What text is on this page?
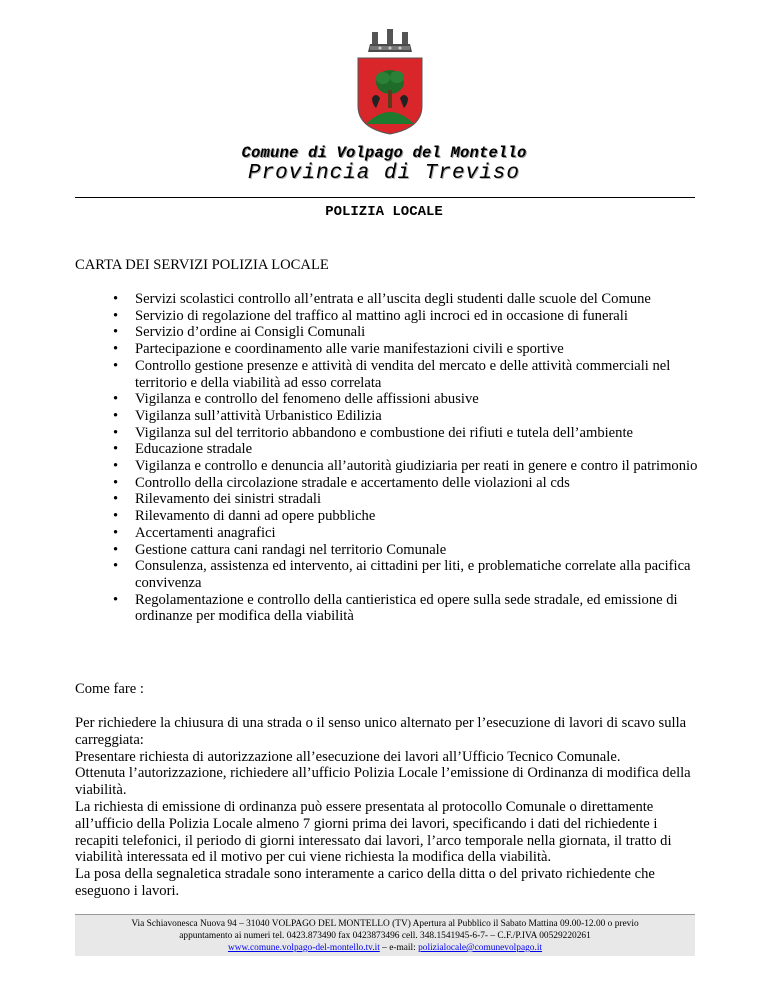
Comune di Volpago del Montello
Provincia di Treviso
POLIZIA LOCALE
CARTA DEI SERVIZI POLIZIA LOCALE
• Servizi scolastici controllo all’entrata e all’uscita degli studenti dalle scuole del Comune
• Servizio di regolazione del traffico al mattino agli incroci ed in occasione di funerali
• Servizio d’ordine ai Consigli Comunali
• Partecipazione e coordinamento alle varie manifestazioni civili e sportive
• Controllo gestione presenze e attività di vendita del mercato e delle attività commerciali nel territorio e della viabilità ad esso correlata
• Vigilanza e controllo del fenomeno delle affissioni abusive
• Vigilanza sull’attività Urbanistico Edilizia
• Vigilanza sul del territorio abbandono e combustione dei rifiuti e tutela dell’ambiente
• Educazione stradale
• Vigilanza e controllo e denuncia all’autorità giudiziaria per reati in genere e contro il patrimonio
• Controllo della circolazione stradale e accertamento delle violazioni al cds
• Rilevamento dei sinistri stradali
• Rilevamento di danni ad opere pubbliche
• Accertamenti anagrafici
• Gestione cattura cani randagi nel territorio Comunale
• Consulenza, assistenza ed intervento, ai cittadini per liti, e problematiche correlate alla pacifica convivenza
• Regolamentazione e controllo della cantieristica ed opere sulla sede stradale, ed emissione di ordinanze per modifica della viabilità
Come fare :

Per richiedere la chiusura di una strada o il senso unico alternato per l’esecuzione di lavori di scavo sulla carreggiata:

Presentare richiesta di autorizzazione all’esecuzione dei lavori all’Ufficio Tecnico Comunale.

Ottenuta l’autorizzazione, richiedere all’ufficio Polizia Locale l’emissione di Ordinanza di modifica della viabilità.

La richiesta di emissione di ordinanza può essere presentata al protocollo Comunale o direttamente all’ufficio della Polizia Locale almeno 7 giorni prima dei lavori, specificando i dati del richiedente i recapiti telefonici, il periodo di giorni interessato dai lavori, l’arco temporale nella giornata, il tratto di viabilità interessata ed il motivo per cui viene richiesta la modifica della viabilità.

La posa della segnaletica stradale sono interamente a carico della ditta o del privato richiedente che eseguono i lavori.

Via Schiavonesca Nuova 94 – 31040 VOLPAGO DEL MONTELLO (TV) Apertura al Pubblico il Sabato Mattina 09.00-12.00 o previo
appuntamento ai numeri tel. 0423.873490 fax 0423873496 cell. 348.1541945-6-7- – C.F./P.IVA 00529220261
www.comune.volpago-del-montello.tv.it – e-mail: polizialocale@comunevolpago.it
